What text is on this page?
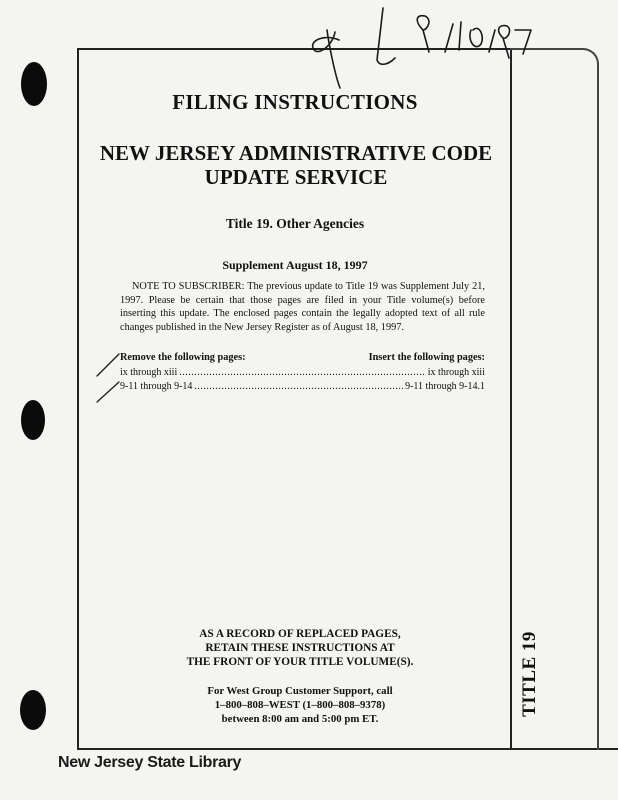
FILING INSTRUCTIONS
NEW JERSEY ADMINISTRATIVE CODE
UPDATE SERVICE
Title 19. Other Agencies
Supplement August 18, 1997
NOTE TO SUBSCRIBER: The previous update to Title 19 was Supplement July 21, 1997. Please be certain that those pages are filed in your Title volume(s) before inserting this update. The enclosed pages contain the legally adopted text of all rule changes published in the New Jersey Register as of August 18, 1997.
Remove the following pages:	Insert the following pages:
ix through xiii .....	ix through xiii
9-11 through 9-14 .....	9-11 through 9-14.1
AS A RECORD OF REPLACED PAGES,
RETAIN THESE INSTRUCTIONS AT
THE FRONT OF YOUR TITLE VOLUME(S).
For West Group Customer Support, call
1–800–808–WEST (1–800–808–9378)
between 8:00 am and 5:00 pm ET.
TITLE 19
New Jersey State Library
